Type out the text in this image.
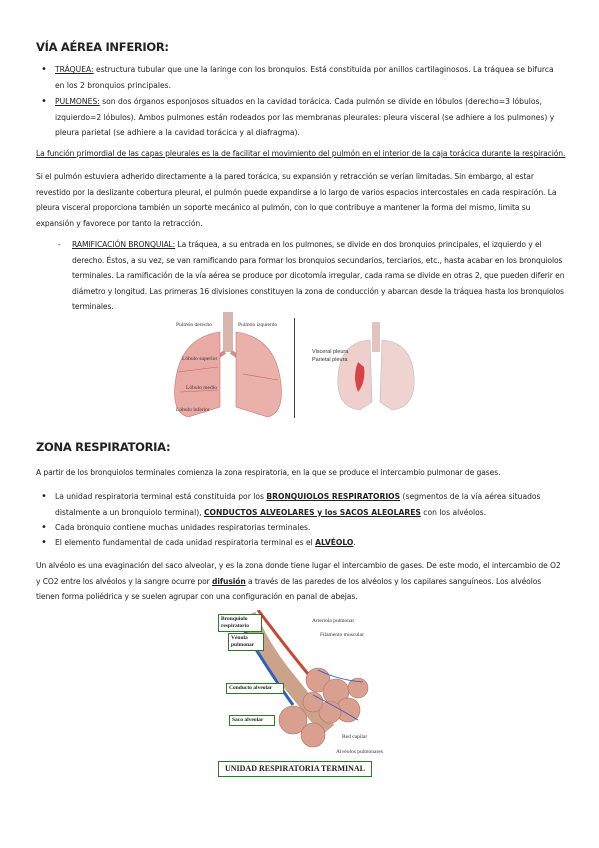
VÍA AÉREA INFERIOR:
• TRÁQUEA: estructura tubular que une la laringe con los bronquios. Está constituida por anillos cartilaginosos. La tráquea se bifurca en los 2 bronquios principales.
• PULMONES: son dos órganos esponjosos situados en la cavidad torácica. Cada pulmón se divide en lóbulos (derecho=3 lóbulos, izquierdo=2 lóbulos). Ambos pulmones están rodeados por las membranas pleurales: pleura visceral (se adhiere a los pulmones) y pleura parietal (se adhiere a la cavidad torácica y al diafragma).
La función primordial de las capas pleurales es la de facilitar el movimiento del pulmón en el interior de la caja torácica durante la respiración.
Si el pulmón estuviera adherido directamente a la pared torácica, su expansión y retracción se verían limitadas. Sin embargo, al estar revestido por la deslizante cobertura pleural, el pulmón puede expandirse a lo largo de varios espacios intercostales en cada respiración. La pleura visceral proporciona también un soporte mecánico al pulmón, con lo que contribuye a mantener la forma del mismo, limita su expansión y favorece por tanto la retracción.
- RAMIFICACIÓN BRONQUIAL: La tráquea, a su entrada en los pulmones, se divide en dos bronquios principales, el izquierdo y el derecho. Éstos, a su vez, se van ramificando para formar los bronquios secundarios, terciarios, etc., hasta acabar en los bronquiolos terminales. La ramificación de la vía aérea se produce por dicotomía irregular, cada rama se divide en otras 2, que pueden diferir en diámetro y longitud. Las primeras 16 divisiones constituyen la zona de conducción y abarcan desde la tráquea hasta los bronquiolos terminales.
Pulmón derecho	Pulmón izquierdo
Lóbulo superior
Lóbulo medio
Lóbulo inferior
Visceral pleura
Parietal pleura
ZONA RESPIRATORIA:
A partir de los bronquiolos terminales comienza la zona respiratoria, en la que se produce el intercambio pulmonar de gases.
• La unidad respiratoria terminal está constituida por los BRONQUIOLOS RESPIRATORIOS (segmentos de la vía aérea situados distalmente a un bronquiolo terminal), CONDUCTOS ALVEOLARES y los SACOS ALEOLARES con los alvéolos.
• Cada bronquio contiene muchas unidades respiratorias terminales.
• El elemento fundamental de cada unidad respiratoria terminal es el ALVÉOLO.
Un alvéolo es una evaginación del saco alveolar, y es la zona donde tiene lugar el intercambio de gases. De este modo, el intercambio de O2 y CO2 entre los alvéolos y la sangre ocurre por difusión a través de las paredes de los alvéolos y los capilares sanguíneos. Los alvéolos tienen forma poliédrica y se suelen agrupar con una configuración en panal de abejas.
Bronquiolo respiratorio
Vénula pulmonar
Arteriola pulmonar
Filamento muscular
Conducto alveolar
Saco alveolar
Red capilar
Alvéolos pulmonares
UNIDAD RESPIRATORIA TERMINAL
